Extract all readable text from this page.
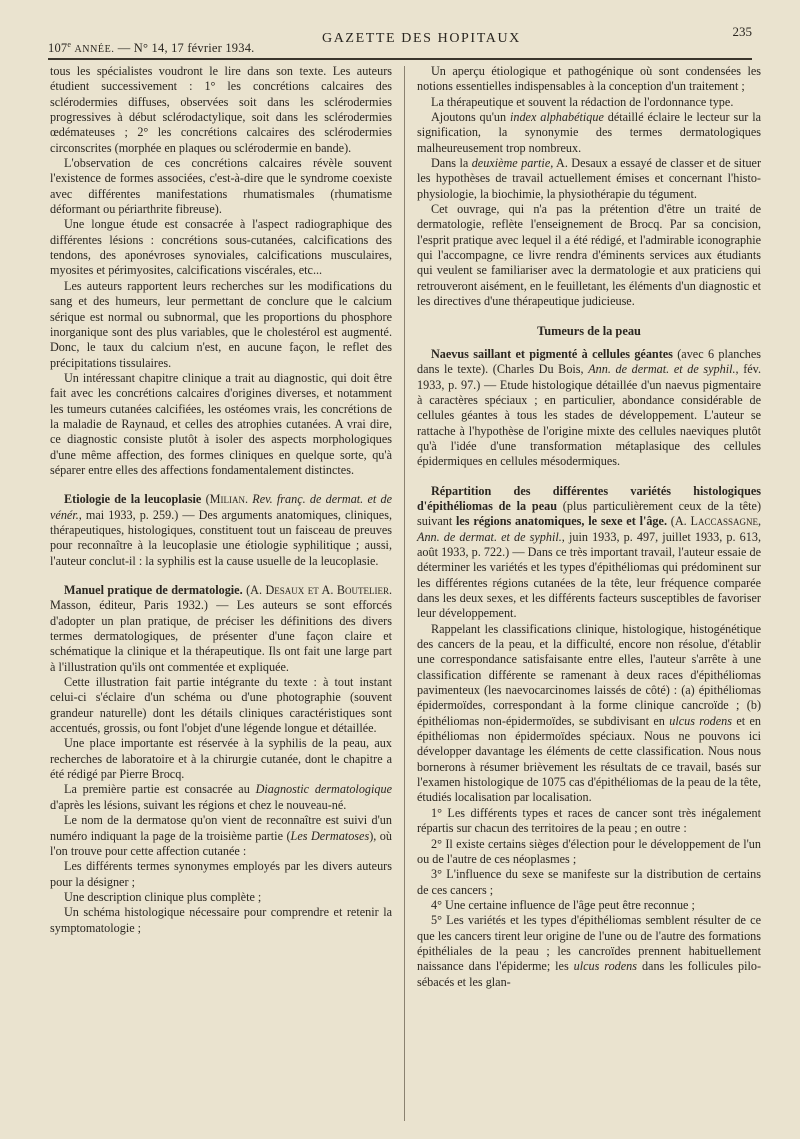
107e ANNÉE. — N° 14, 17 février 1934.
GAZETTE DES HOPITAUX	235

tous les spécialistes voudront le lire dans son texte. Les auteurs étudient successivement : 1° les concrétions calcaires des sclérodermies diffuses, observées soit dans les sclérodermies progressives à début sclérodactylique, soit dans les sclérodermies œdémateuses ; 2° les concrétions calcaires des sclérodermies circonscrites (morphée en plaques ou sclérodermie en bande).

L'observation de ces concrétions calcaires révèle souvent l'existence de formes associées, c'est-à-dire que le syndrome coexiste avec différentes manifestations rhumatismales (rhumatisme déformant ou périarthrite fibreuse).

Une longue étude est consacrée à l'aspect radiographique des différentes lésions : concrétions sous-cutanées, calcifications des tendons, des aponévroses synoviales, calcifications musculaires, myosites et périmyosites, calcifications viscérales, etc...

Les auteurs rapportent leurs recherches sur les modifications du sang et des humeurs, leur permettant de conclure que le calcium sérique est normal ou subnormal, que les proportions du phosphore inorganique sont des plus variables, que le cholestérol est augmenté. Donc, le taux du calcium n'est, en aucune façon, le reflet des précipitations tissulaires.

Un intéressant chapitre clinique a trait au diagnostic, qui doit être fait avec les concrétions calcaires d'origines diverses, et notamment les tumeurs cutanées calcifiées, les ostéomes vrais, les concrétions de la maladie de Raynaud, et celles des atrophies cutanées. A vrai dire, ce diagnostic consiste plutôt à isoler des aspects morphologiques d'une même affection, des formes cliniques en quelque sorte, qu'à séparer entre elles des affections fondamentalement distinctes.

Etiologie de la leucoplasie (Milian. Rev. franç. de dermat. et de vénér., mai 1933, p. 259.) — Des arguments anatomiques, cliniques, thérapeutiques, histologiques, constituent tout un faisceau de preuves pour reconnaître à la leucoplasie une étiologie syphilitique ; aussi, l'auteur conclut-il : la syphilis est la cause usuelle de la leucoplasie.

Manuel pratique de dermatologie. (A. Desaux et A. Boutelier. Masson, éditeur, Paris 1932.) — Les auteurs se sont efforcés d'adopter un plan pratique, de préciser les définitions des divers termes dermatologiques, de présenter d'une façon claire et schématique la clinique et la thérapeutique. Ils ont fait une large part à l'illustration qu'ils ont commentée et expliquée.

Cette illustration fait partie intégrante du texte : à tout instant celui-ci s'éclaire d'un schéma ou d'une photographie (souvent grandeur naturelle) dont les détails cliniques caractéristiques sont accentués, grossis, ou font l'objet d'une légende longue et détaillée.

Une place importante est réservée à la syphilis de la peau, aux recherches de laboratoire et à la chirurgie cutanée, dont le chapitre a été rédigé par Pierre Brocq.

La première partie est consacrée au Diagnostic dermatologique d'après les lésions, suivant les régions et chez le nouveau-né.

Le nom de la dermatose qu'on vient de reconnaître est suivi d'un numéro indiquant la page de la troisième partie (Les Dermatoses), où l'on trouve pour cette affection cutanée :

Les différents termes synonymes employés par les divers auteurs pour la désigner ;

Une description clinique plus complète ;

Un schéma histologique nécessaire pour comprendre et retenir la symptomatologie ;

Un aperçu étiologique et pathogénique où sont condensées les notions essentielles indispensables à la conception d'un traitement ;

La thérapeutique et souvent la rédaction de l'ordonnance type.

Ajoutons qu'un index alphabétique détaillé éclaire le lecteur sur la signification, la synonymie des termes dermatologiques malheureusement trop nombreux.

Dans la deuxième partie, A. Desaux a essayé de classer et de situer les hypothèses de travail actuellement émises et concernant l'histo-physiologie, la biochimie, la physiothérapie du tégument.

Cet ouvrage, qui n'a pas la prétention d'être un traité de dermatologie, reflète l'enseignement de Brocq. Par sa concision, l'esprit pratique avec lequel il a été rédigé, et l'admirable iconographie qui l'accompagne, ce livre rendra d'éminents services aux étudiants qui veulent se familiariser avec la dermatologie et aux praticiens qui retrouveront aisément, en le feuilletant, les éléments d'un diagnostic et les directives d'une thérapeutique judicieuse.

Tumeurs de la peau

Naevus saillant et pigmenté à cellules géantes (avec 6 planches dans le texte). (Charles Du Bois, Ann. de dermat. et de syphil., fév. 1933, p. 97.) — Etude histologique détaillée d'un naevus pigmentaire à caractères spéciaux ; en particulier, abondance considérable de cellules géantes à tous les stades de développement. L'auteur se rattache à l'hypothèse de l'origine mixte des cellules naeviques plutôt qu'à l'idée d'une transformation métaplasique des cellules épidermiques en cellules mésodermiques.

Répartition des différentes variétés histologiques d'épithéliomas de la peau (plus particulièrement ceux de la tête) suivant les régions anatomiques, le sexe et l'âge. (A. Laccassagne, Ann. de dermat. et de syphil., juin 1933, p. 497, juillet 1933, p. 613, août 1933, p. 722.) — Dans ce très important travail, l'auteur essaie de déterminer les variétés et les types d'épithéliomas qui prédominent sur les différentes régions cutanées de la tête, leur fréquence comparée dans les deux sexes, et les différents facteurs susceptibles de favoriser leur développement.

Rappelant les classifications clinique, histologique, histogénétique des cancers de la peau, et la difficulté, encore non résolue, d'établir une correspondance satisfaisante entre elles, l'auteur s'arrête à une classification différente se ramenant à deux races d'épithéliomas pavimenteux (les naevocarcinomes laissés de côté) : (a) épithéliomas épidermoïdes, correspondant à la forme clinique cancroïde ; (b) épithéliomas non-épidermoïdes, se subdivisant en ulcus rodens et en épithéliomas non épidermoïdes spéciaux. Nous ne pouvons ici développer davantage les éléments de cette classification. Nous nous bornerons à résumer brièvement les résultats de ce travail, basés sur l'examen histologique de 1075 cas d'épithéliomas de la peau de la tête, étudiés localisation par localisation.

1° Les différents types et races de cancer sont très inégalement répartis sur chacun des territoires de la peau ; en outre :

2° Il existe certains sièges d'élection pour le développement de l'un ou de l'autre de ces néoplasmes ;

3° L'influence du sexe se manifeste sur la distribution de certains de ces cancers ;

4° Une certaine influence de l'âge peut être reconnue ;

5° Les variétés et les types d'épithéliomas semblent résulter de ce que les cancers tirent leur origine de l'une ou de l'autre des formations épithéliales de la peau ; les cancroïdes prennent habituellement naissance dans l'épiderme; les ulcus rodens dans les follicules pilo-sébacés et les glan-
